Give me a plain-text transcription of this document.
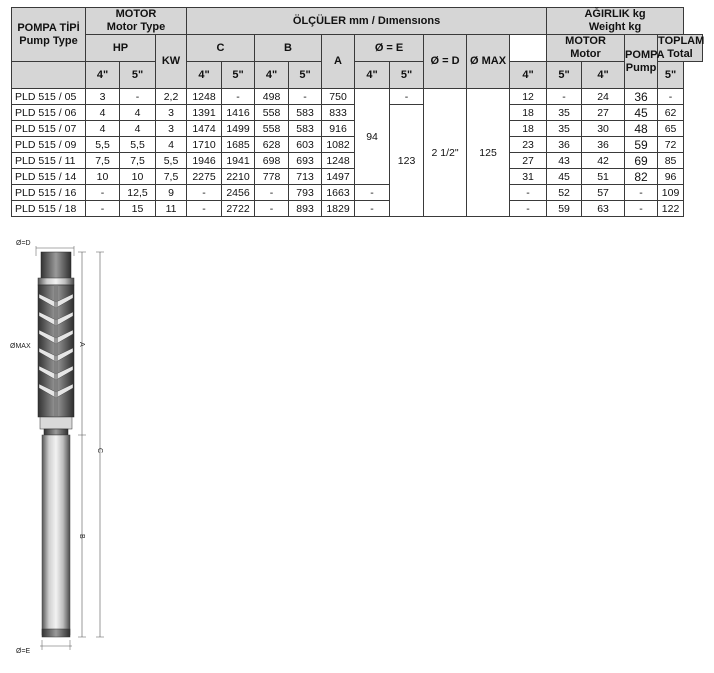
POMPA TİPİ
Pump Type	MOTOR
Motor Type			ÖLÇÜLER mm / Dımensıons										AĞIRLIK kg
Weight kg			
														MOTOR
Motor		POMPA
Pump	TOPLAM
Total
	HP		KW	C		B		A	Ø = E		Ø = D	Ø MAX					
	4"	5"		4"	5"	4"	5"		4"	5"			4"	5"	4"		5"
PLD 515 / 05	3	-	2,2	1248	-	498	-	750	94	-	2 1/2"	125	12	-	24	36	-
PLD 515 / 06	4	4	3	1391	1416	558	583	833		123			18	35	27	45	62
PLD 515 / 07	4	4	3	1474	1499	558	583	916					18	35	30	48	65
PLD 515 / 09	5,5	5,5	4	1710	1685	628	603	1082					23	36	36	59	72
PLD 515 / 11	7,5	7,5	5,5	1946	1941	698	693	1248					27	43	42	69	85
PLD 515 / 14	10	10	7,5	2275	2210	778	713	1497					31	45	51	82	96
PLD 515 / 16	-	12,5	9	-	2456	-	793	1663	-				-	52	57	-	109
PLD 515 / 18	-	15	11	-	2722	-	893	1829	-				-	59	63	-	122
Ø=D
ØMAX	A
B
C
Ø=E
